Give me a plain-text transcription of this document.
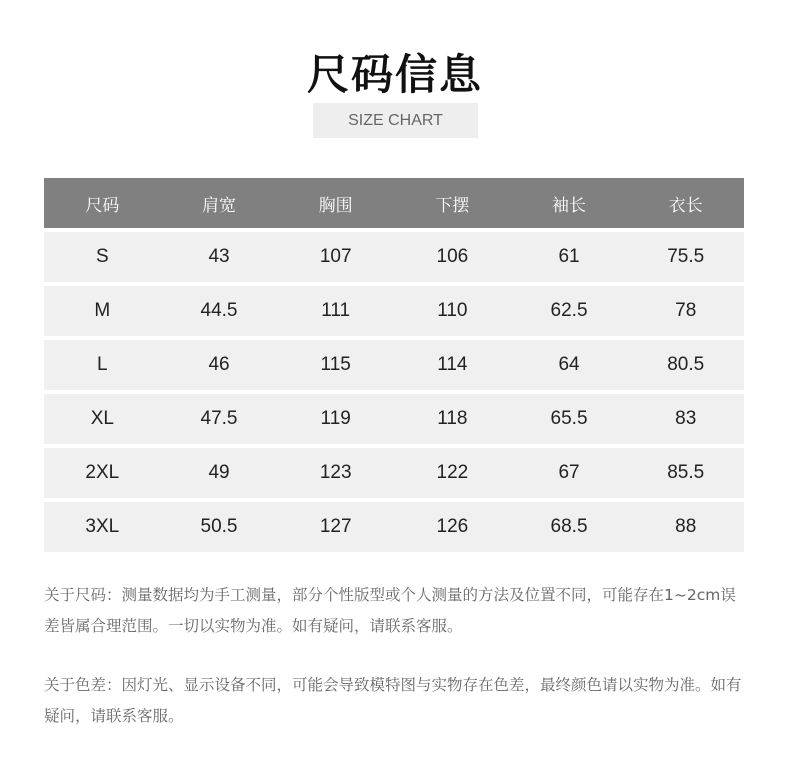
尺码信息
SIZE CHART
尺码	肩宽	胸围	下摆	袖长	衣长
S	43	107	106	61	75.5
M	44.5	111	110	62.5	78
L	46	115	114	64	80.5
XL	47.5	119	118	65.5	83
2XL	49	123	122	67	85.5
3XL	50.5	127	126	68.5	88
关于尺码：测量数据均为手工测量，部分个性版型或个人测量的方法及位置不同，可能存在1~2cm误差皆属合理范围。一切以实物为准。如有疑问，请联系客服。
关于色差：因灯光、显示设备不同，可能会导致模特图与实物存在色差，最终颜色请以实物为准。如有疑问，请联系客服。
